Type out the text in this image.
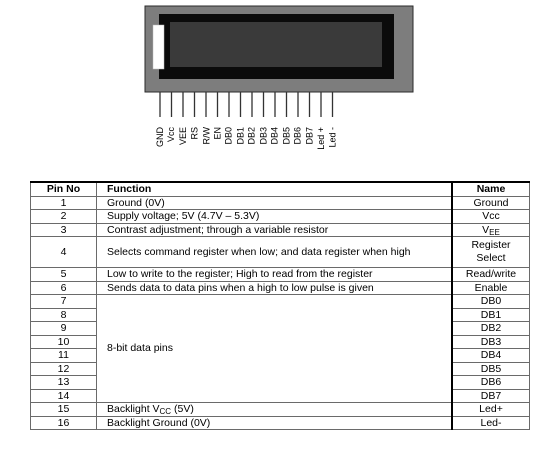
GND Vcc VEE RS R/W EN DB0 DB1 DB2 DB3 DB4 DB5 DB6 DB7 Led + Led -
Pin No	Function	Name
1	Ground (0V)	Ground
2	Supply voltage; 5V (4.7V – 5.3V)	Vcc
3	Contrast adjustment; through a variable resistor	$V_{EE}$
4	Selects command register when low; and data register when high	Register Select
5	Low to write to the register; High to read from the register	Read/write
6	Sends data to data pins when a high to low pulse is given	Enable
7	8-bit data pins	DB0
8		DB1
9		DB2
10		DB3
11		DB4
12		DB5
13		DB6
14		DB7
15	Backlight $V_{CC}$ (5V)	Led+
16	Backlight Ground (0V)	Led-
